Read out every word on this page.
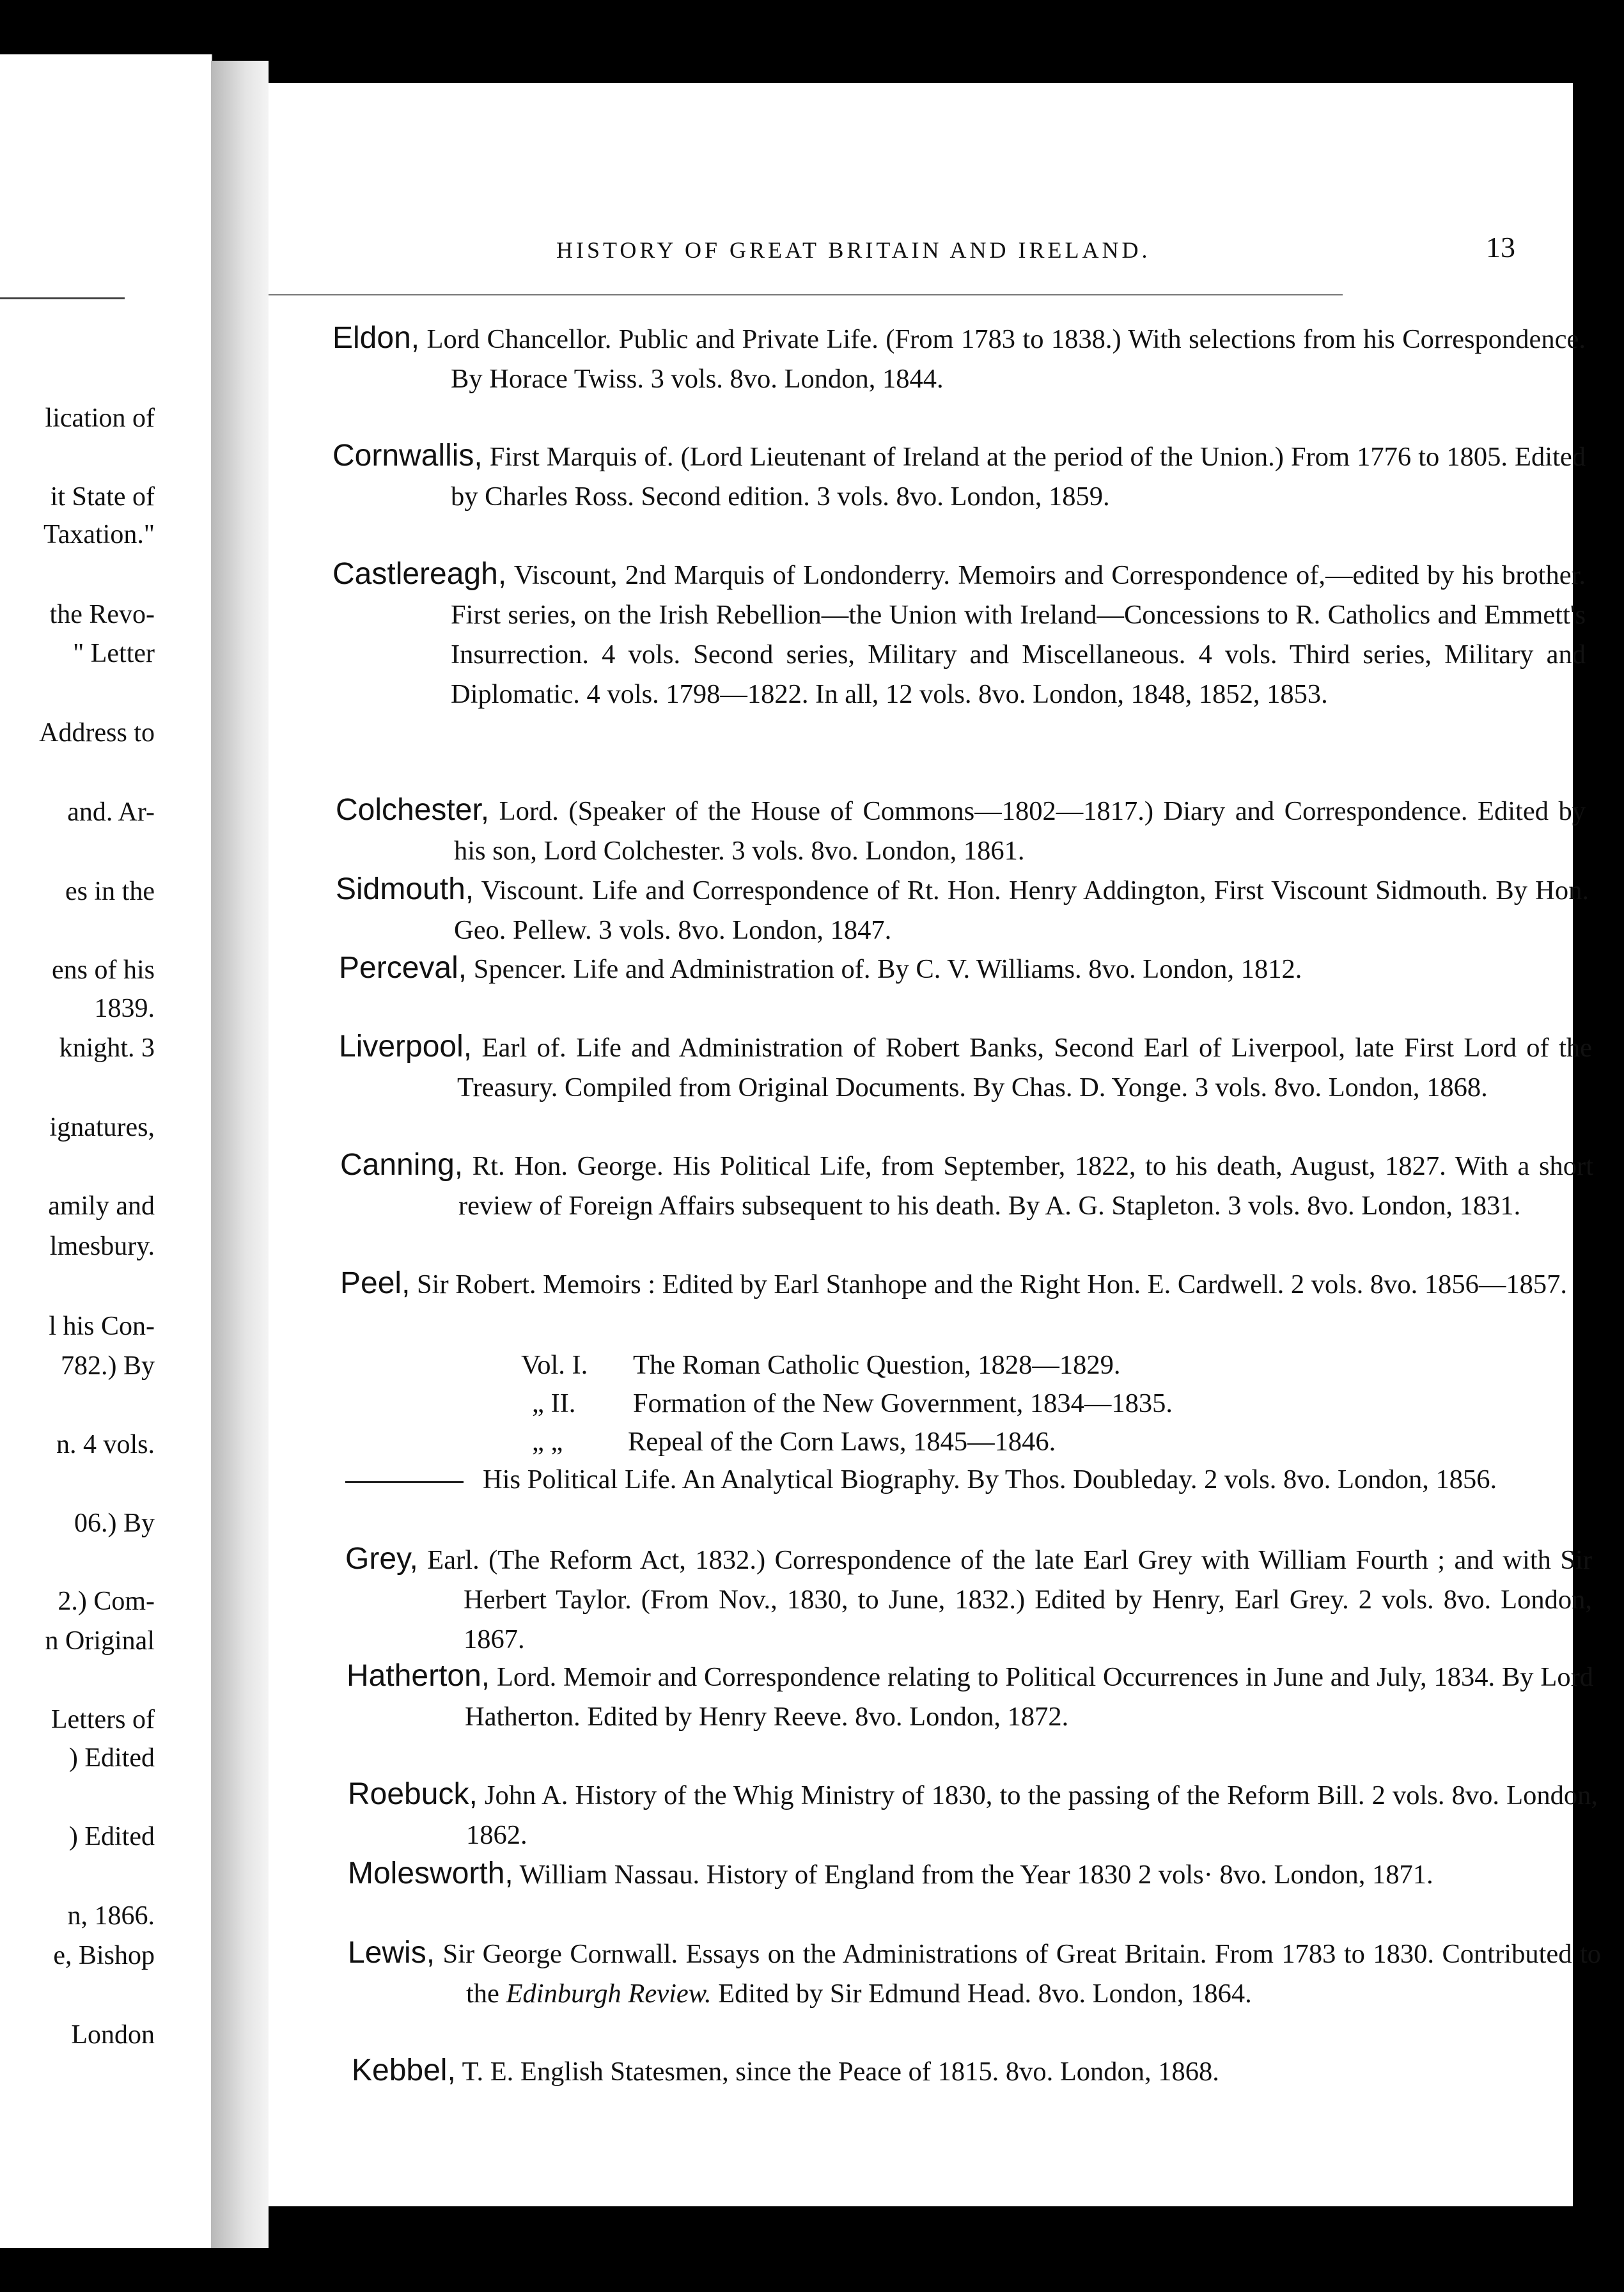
lication of
it State of
Taxation."
the Revo-
" Letter
Address to
and. Ar-
es in the
ens of his
1839.
knight. 3
ignatures,
amily and
lmesbury.
l his Con-
782.) By
n. 4 vols.
06.) By
2.) Com-
n Original
Letters of
) Edited
) Edited
n, 1866.
e, Bishop
London
HISTORY OF GREAT BRITAIN AND IRELAND.	13
Eldon, Lord Chancellor. Public and Private Life. (From 1783 to 1838.) With selections from his Correspondence. By Horace Twiss. 3 vols. 8vo. London, 1844.
Cornwallis, First Marquis of. (Lord Lieutenant of Ireland at the period of the Union.) From 1776 to 1805. Edited by Charles Ross. Second edition. 3 vols. 8vo. London, 1859.
Castlereagh, Viscount, 2nd Marquis of Londonderry. Memoirs and Correspondence of,—edited by his brother. First series, on the Irish Rebellion—the Union with Ireland—Concessions to R. Catholics and Emmett's Insurrection. 4 vols. Second series, Military and Miscellaneous. 4 vols. Third series, Military and Diplomatic. 4 vols. 1798—1822. In all, 12 vols. 8vo. London, 1848, 1852, 1853.
Colchester, Lord. (Speaker of the House of Commons—1802—1817.) Diary and Correspondence. Edited by his son, Lord Colchester. 3 vols. 8vo. London, 1861.
Sidmouth, Viscount. Life and Correspondence of Rt. Hon. Henry Addington, First Viscount Sidmouth. By Hon. Geo. Pellew. 3 vols. 8vo. London, 1847.
Perceval, Spencer. Life and Administration of. By C. V. Williams. 8vo. London, 1812.
Liverpool, Earl of. Life and Administration of Robert Banks, Second Earl of Liverpool, late First Lord of the Treasury. Compiled from Original Documents. By Chas. D. Yonge. 3 vols. 8vo. London, 1868.
Canning, Rt. Hon. George. His Political Life, from September, 1822, to his death, August, 1827. With a short review of Foreign Affairs subsequent to his death. By A. G. Stapleton. 3 vols. 8vo. London, 1831.
Peel, Sir Robert. Memoirs : Edited by Earl Stanhope and the Right Hon. E. Cardwell. 2 vols. 8vo. 1856—1857.
Vol. I. The Roman Catholic Question, 1828—1829.
„ II. Formation of the New Government, 1834—1835.
„ „ Repeal of the Corn Laws, 1845—1846.
His Political Life. An Analytical Biography. By Thos. Doubleday. 2 vols. 8vo. London, 1856.
Grey, Earl. (The Reform Act, 1832.) Correspondence of the late Earl Grey with William Fourth ; and with Sir Herbert Taylor. (From Nov., 1830, to June, 1832.) Edited by Henry, Earl Grey. 2 vols. 8vo. London, 1867.
Hatherton, Lord. Memoir and Correspondence relating to Political Occurrences in June and July, 1834. By Lord Hatherton. Edited by Henry Reeve. 8vo. London, 1872.
Roebuck, John A. History of the Whig Ministry of 1830, to the passing of the Reform Bill. 2 vols. 8vo. London, 1862.
Molesworth, William Nassau. History of England from the Year 1830 2 vols· 8vo. London, 1871.
Lewis, Sir George Cornwall. Essays on the Administrations of Great Britain. From 1783 to 1830. Contributed to the Edinburgh Review. Edited by Sir Edmund Head. 8vo. London, 1864.
Kebbel, T. E. English Statesmen, since the Peace of 1815. 8vo. London, 1868.
